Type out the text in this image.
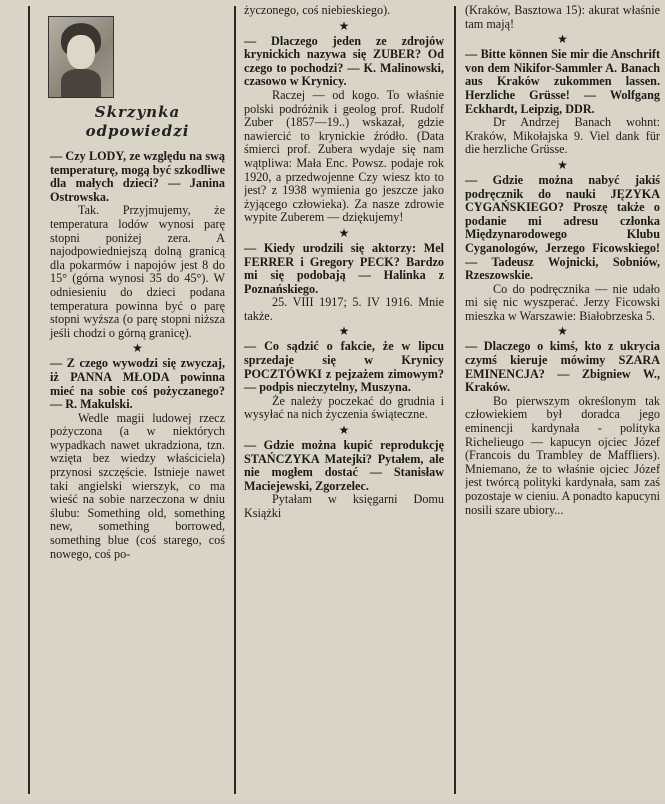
Skrzynka odpowiedzi

— Czy LODY, ze względu na swą temperaturę, mogą być szkodliwe dla małych dzieci? — Janina Ostrowska.

Tak. Przyjmujemy, że temperatura lodów wynosi parę stopni poniżej zera. A najodpowiedniejszą dolną granicą dla pokarmów i napojów jest 8 do 15° (górna wynosi 35 do 45°). W odniesieniu do dzieci podana temperatura powinna być o parę stopni wyższa (o parę stopni niższa jeśli chodzi o górną granicę).

★

— Z czego wywodzi się zwyczaj, iż PANNA MŁODA powinna mieć na sobie coś pożyczanego? — R. Makulski.

Wedle magii ludowej rzecz pożyczona (a w niektórych wypadkach nawet ukradziona, tzn. wzięta bez wiedzy właściciela) przynosi szczęście. Istnieje nawet taki angielski wierszyk, co ma wieść na sobie narzeczona w dniu ślubu: Something old, something new, something borrowed, something blue (coś starego, coś nowego, coś po-

życzonego, coś niebieskiego).

★

— Dlaczego jeden ze zdrojów krynickich nazywa się ZUBER? Od czego to pochodzi? — K. Malinowski, czasowo w Krynicy.

Raczej — od kogo. To właśnie polski podróżnik i geolog prof. Rudolf Zuber (1857—19..) wskazał, gdzie nawiercić to krynickie źródło. (Data śmierci prof. Zubera wydaje się nam wątpliwa: Mała Enc. Powsz. podaje rok 1920, a przedwojenne Czy wiesz kto to jest? z 1938 wymienia go jeszcze jako żyjącego człowieka). Za nasze zdrowie wypite Zuberem — dziękujemy!

★

— Kiedy urodzili się aktorzy: Mel FERRER i Gregory PECK? Bardzo mi się podobają — Halinka z Poznańskiego.

25. VIII 1917; 5. IV 1916. Mnie także.

★

— Co sądzić o fakcie, że w lipcu sprzedaje się w Krynicy POCZTÓWKI z pejzażem zimowym? — podpis nieczytelny, Muszyna.

Że należy poczekać do grudnia i wysyłać na nich życzenia świąteczne.

★

— Gdzie można kupić reprodukcję STAŃCZYKA Matejki? Pytałem, ale nie mogłem dostać — Stanisław Maciejewski, Zgorzelec.

Pytałam w księgarni Domu Książki

(Kraków, Basztowa 15): akurat właśnie tam mają!

★

— Bitte können Sie mir die Anschrift von dem Nikifor-Sammler A. Banach aus Kraków zukommen lassen. Herzliche Grüsse! — Wolfgang Eckhardt, Leipzig, DDR.

Dr Andrzej Banach wohnt: Kraków, Mikołajska 9. Viel dank für die herzliche Grüsse.

★

— Gdzie można nabyć jakiś podręcznik do nauki JĘZYKA CYGAŃSKIEGO? Proszę także o podanie mi adresu członka Międzynarodowego Klubu Cyganologów, Jerzego Ficowskiego! — Tadeusz Wojnicki, Sobniów, Rzeszowskie.

Co do podręcznika — nie udało mi się nic wyszperać. Jerzy Ficowski mieszka w Warszawie: Białobrzeska 5.

★

— Dlaczego o kimś, kto z ukrycia czymś kieruje mówimy SZARA EMINENCJA? — Zbigniew W., Kraków.

Bo pierwszym określonym tak człowiekiem był doradca jego eminencji kardynała - polityka Richelieugo — kapucyn ojciec Józef (Francois du Trambley de Maffliers). Mniemano, że to właśnie ojciec Józef jest twórcą polityki kardynała, sam zaś pozostaje w cieniu. A ponadto kapucyni nosili szare ubiory...
